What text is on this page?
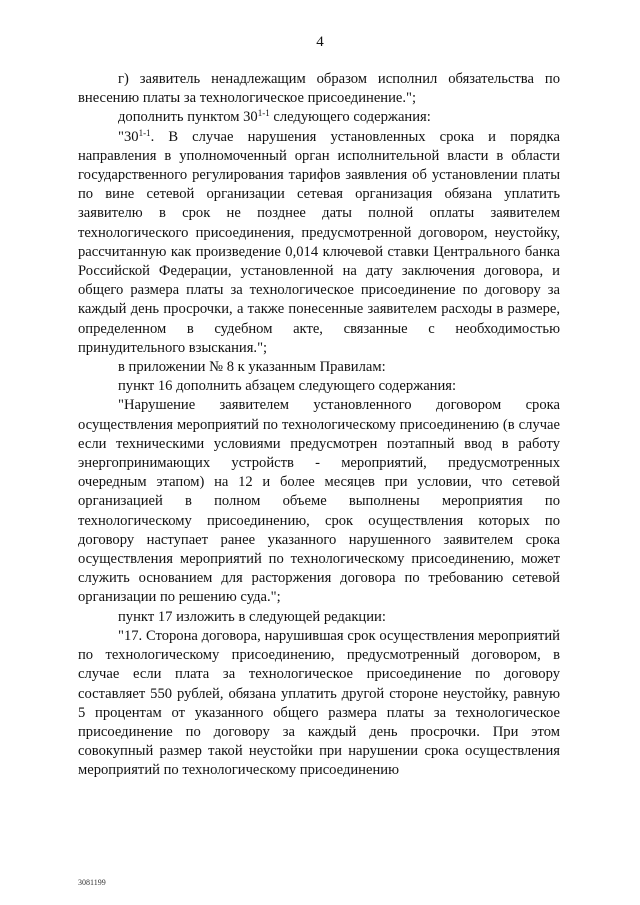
4

г) заявитель ненадлежащим образом исполнил обязательства по внесению платы за технологическое присоединение.";

дополнить пунктом 30$^{1-1}$ следующего содержания:

"30$^{1-1}$. В случае нарушения установленных срока и порядка направления в уполномоченный орган исполнительной власти в области государственного регулирования тарифов заявления об установлении платы по вине сетевой организации сетевая организация обязана уплатить заявителю в срок не позднее даты полной оплаты заявителем технологического присоединения, предусмотренной договором, неустойку, рассчитанную как произведение 0,014 ключевой ставки Центрального банка Российской Федерации, установленной на дату заключения договора, и общего размера платы за технологическое присоединение по договору за каждый день просрочки, а также понесенные заявителем расходы в размере, определенном в судебном акте, связанные с необходимостью принудительного взыскания.";

в приложении № 8 к указанным Правилам:

пункт 16 дополнить абзацем следующего содержания:

"Нарушение заявителем установленного договором срока осуществления мероприятий по технологическому присоединению (в случае если техническими условиями предусмотрен поэтапный ввод в работу энергопринимающих устройств - мероприятий, предусмотренных очередным этапом) на 12 и более месяцев при условии, что сетевой организацией в полном объеме выполнены мероприятия по технологическому присоединению, срок осуществления которых по договору наступает ранее указанного нарушенного заявителем срока осуществления мероприятий по технологическому присоединению, может служить основанием для расторжения договора по требованию сетевой организации по решению суда.";

пункт 17 изложить в следующей редакции:

"17. Сторона договора, нарушившая срок осуществления мероприятий по технологическому присоединению, предусмотренный договором, в случае если плата за технологическое присоединение по договору составляет 550 рублей, обязана уплатить другой стороне неустойку, равную 5 процентам от указанного общего размера платы за технологическое присоединение по договору за каждый день просрочки. При этом совокупный размер такой неустойки при нарушении срока осуществления мероприятий по технологическому присоединению

3081199
